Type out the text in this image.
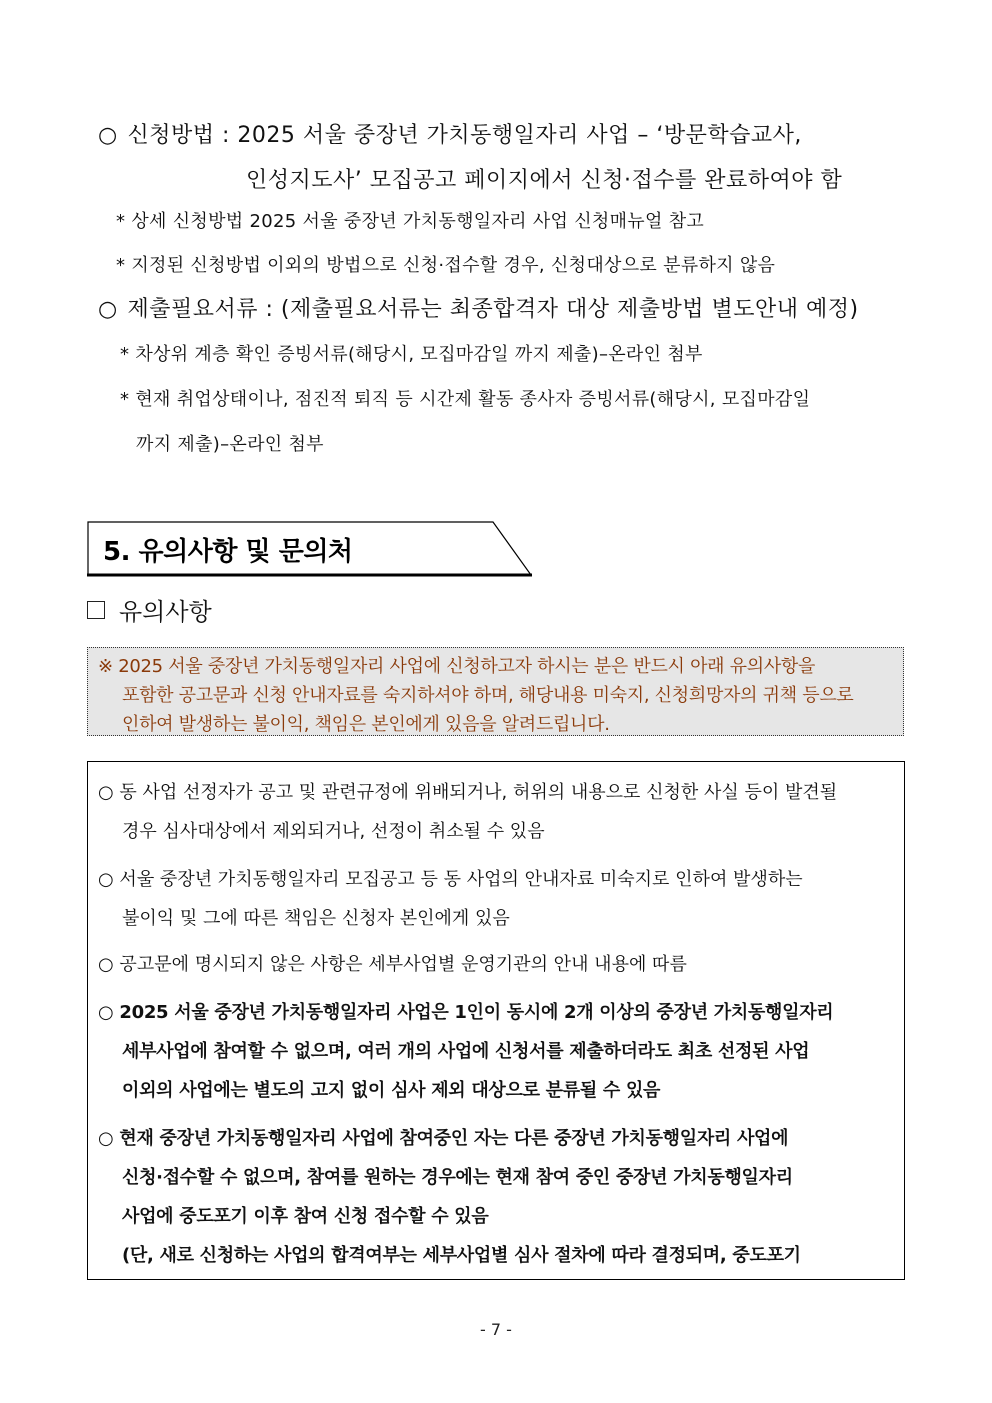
○ 신청방법 : 2025 서울 중장년 가치동행일자리 사업 – ‘방문학습교사,
인성지도사’ 모집공고 페이지에서 신청·접수를 완료하여야 함
* 상세 신청방법 2025 서울 중장년 가치동행일자리 사업 신청매뉴얼 참고
* 지정된 신청방법 이외의 방법으로 신청·접수할 경우, 신청대상으로 분류하지 않음
○ 제출필요서류 : (제출필요서류는 최종합격자 대상 제출방법 별도안내 예정)
* 차상위 계층 확인 증빙서류(해당시, 모집마감일 까지 제출)–온라인 첨부
* 현재 취업상태이나, 점진적 퇴직 등 시간제 활동 종사자 증빙서류(해당시, 모집마감일
까지 제출)–온라인 첨부
5. 유의사항 및 문의처
유의사항
※ 2025 서울 중장년 가치동행일자리 사업에 신청하고자 하시는 분은 반드시 아래 유의사항을
포함한 공고문과 신청 안내자료를 숙지하셔야 하며, 해당내용 미숙지, 신청희망자의 귀책 등으로
인하여 발생하는 불이익, 책임은 본인에게 있음을 알려드립니다.
○ 동 사업 선정자가 공고 및 관련규정에 위배되거나, 허위의 내용으로 신청한 사실 등이 발견될
경우 심사대상에서 제외되거나, 선정이 취소될 수 있음
○ 서울 중장년 가치동행일자리 모집공고 등 동 사업의 안내자료 미숙지로 인하여 발생하는
불이익 및 그에 따른 책임은 신청자 본인에게 있음
○ 공고문에 명시되지 않은 사항은 세부사업별 운영기관의 안내 내용에 따름
○ 2025 서울 중장년 가치동행일자리 사업은 1인이 동시에 2개 이상의 중장년 가치동행일자리
세부사업에 참여할 수 없으며, 여러 개의 사업에 신청서를 제출하더라도 최초 선정된 사업
이외의 사업에는 별도의 고지 없이 심사 제외 대상으로 분류될 수 있음
○ 현재 중장년 가치동행일자리 사업에 참여중인 자는 다른 중장년 가치동행일자리 사업에
신청·접수할 수 없으며, 참여를 원하는 경우에는 현재 참여 중인 중장년 가치동행일자리
사업에 중도포기 이후 참여 신청 접수할 수 있음
(단, 새로 신청하는 사업의 합격여부는 세부사업별 심사 절차에 따라 결정되며, 중도포기
- 7 -
